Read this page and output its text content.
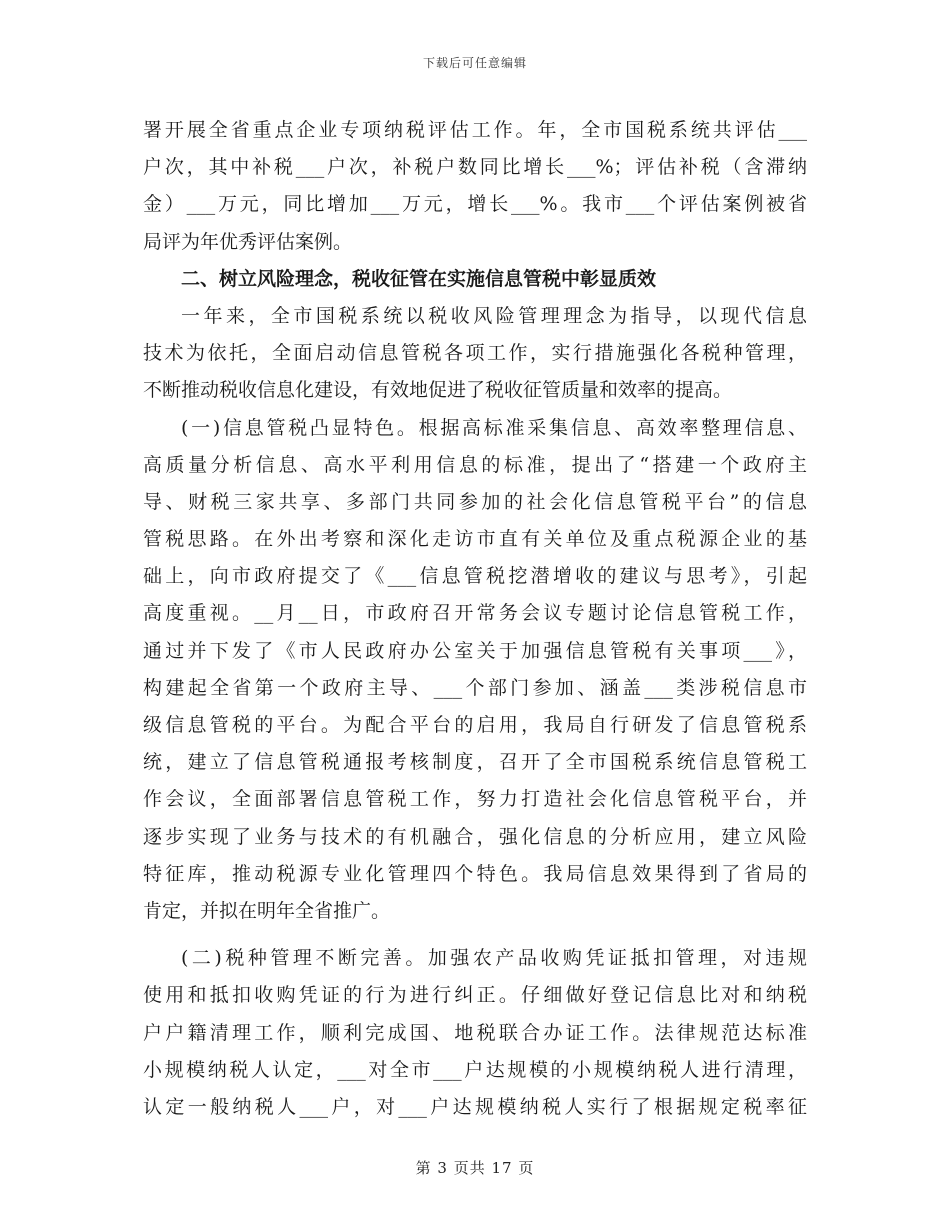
下载后可任意编辑
署开展全省重点企业专项纳税评估工作。年，全市国税系统共评估___
户次，其中补税___户次，补税户数同比增长___%；评估补税（含滞纳
金）___万元，同比增加___万元，增长___%。我市___个评估案例被省
局评为年优秀评估案例。
二、树立风险理念，税收征管在实施信息管税中彰显质效
一年来，全市国税系统以税收风险管理理念为指导，以现代信息
技术为依托，全面启动信息管税各项工作，实行措施强化各税种管理，
不断推动税收信息化建设，有效地促进了税收征管质量和效率的提高。
(一)信息管税凸显特色。根据高标准采集信息、高效率整理信息、
高质量分析信息、高水平利用信息的标准，提出了“搭建一个政府主
导、财税三家共享、多部门共同参加的社会化信息管税平台”的信息
管税思路。在外出考察和深化走访市直有关单位及重点税源企业的基
础上，向市政府提交了《___信息管税挖潜增收的建议与思考》，引起
高度重视。__月__日，市政府召开常务会议专题讨论信息管税工作，
通过并下发了《市人民政府办公室关于加强信息管税有关事项___》，
构建起全省第一个政府主导、___个部门参加、涵盖___类涉税信息市
级信息管税的平台。为配合平台的启用，我局自行研发了信息管税系
统，建立了信息管税通报考核制度，召开了全市国税系统信息管税工
作会议，全面部署信息管税工作，努力打造社会化信息管税平台，并
逐步实现了业务与技术的有机融合，强化信息的分析应用，建立风险
特征库，推动税源专业化管理四个特色。我局信息效果得到了省局的
肯定，并拟在明年全省推广。
(二)税种管理不断完善。加强农产品收购凭证抵扣管理，对违规
使用和抵扣收购凭证的行为进行纠正。仔细做好登记信息比对和纳税
户户籍清理工作，顺利完成国、地税联合办证工作。法律规范达标准
小规模纳税人认定，___对全市___户达规模的小规模纳税人进行清理，
认定一般纳税人___户，对___户达规模纳税人实行了根据规定税率征
第 3 页共 17 页
